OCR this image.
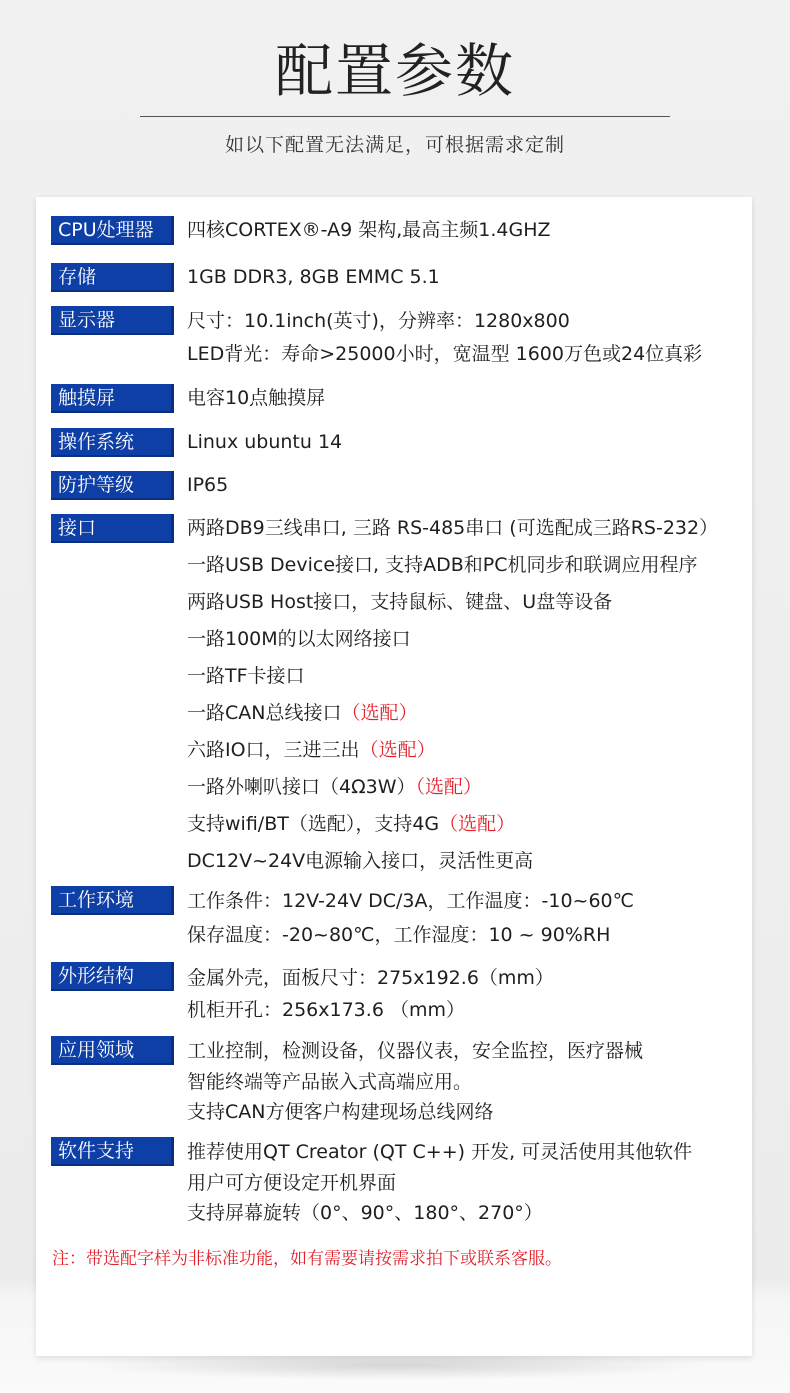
配置参数
如以下配置无法满足，可根据需求定制
CPU处理器	四核CORTEX®-A9 架构,最高主频1.4GHZ
存储	1GB DDR3, 8GB EMMC 5.1
显示器	尺寸：10.1inch(英寸)，分辨率：1280x800
LED背光：寿命>25000小时，宽温型 1600万色或24位真彩
触摸屏	电容10点触摸屏
操作系统	Linux ubuntu 14
防护等级	IP65
接口	两路DB9三线串口, 三路 RS-485串口 (可选配成三路RS-232）
一路USB Device接口, 支持ADB和PC机同步和联调应用程序
两路USB Host接口，支持鼠标、键盘、U盘等设备
一路100M的以太网络接口
一路TF卡接口
一路CAN总线接口（选配）
六路IO口，三进三出（选配）
一路外喇叭接口（4Ω3W）（选配）
支持wifi/BT（选配），支持4G（选配）
DC12V~24V电源输入接口，灵活性更高
工作环境	工作条件：12V-24V DC/3A，工作温度：-10~60℃
保存温度：-20~80℃，工作湿度：10 ~ 90%RH
外形结构	金属外壳，面板尺寸：275x192.6（mm）
机柜开孔：256x173.6 （mm）
应用领域	工业控制，检测设备，仪器仪表，安全监控，医疗器械
智能终端等产品嵌入式高端应用。
支持CAN方便客户构建现场总线网络
软件支持	推荐使用QT Creator (QT C++) 开发, 可灵活使用其他软件
用户可方便设定开机界面
支持屏幕旋转（0°、90°、180°、270°）
注：带选配字样为非标准功能，如有需要请按需求拍下或联系客服。
